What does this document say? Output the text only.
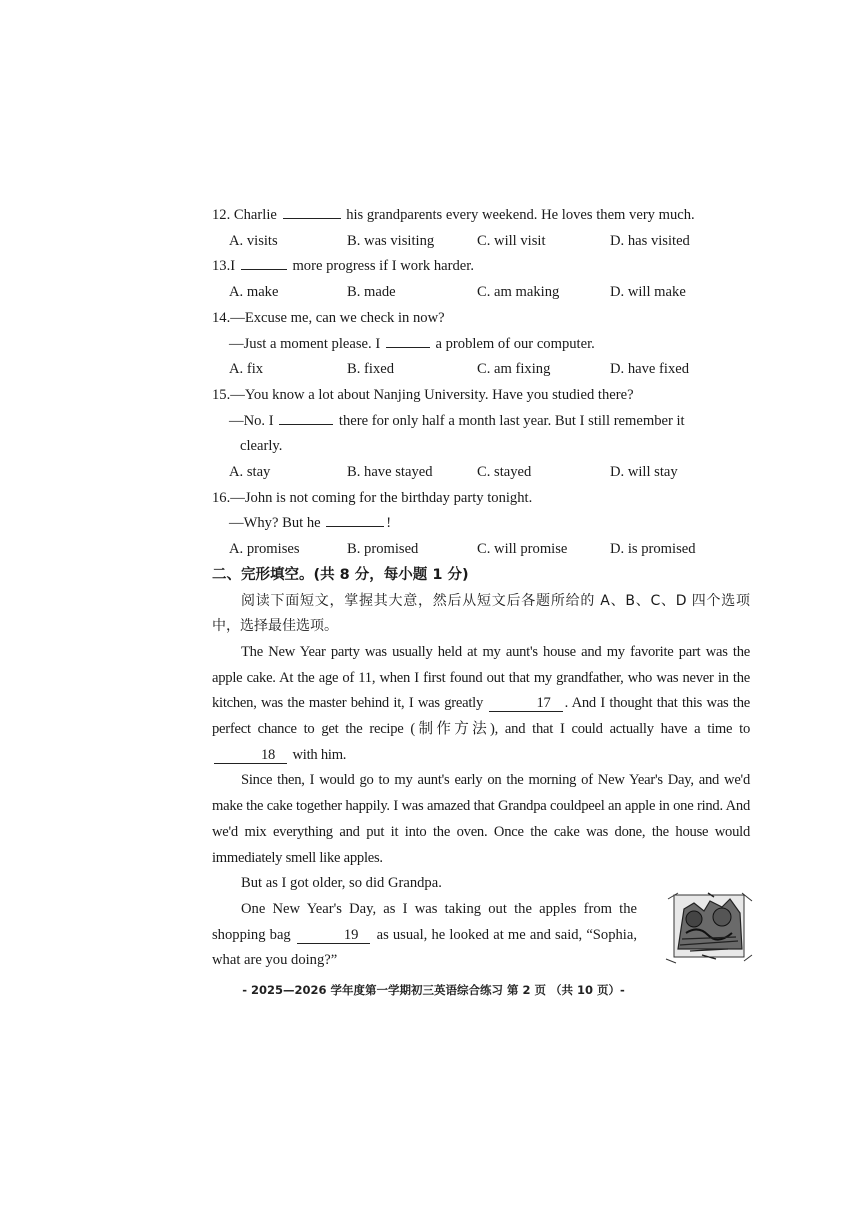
12. Charlie	his grandparents every weekend. He loves them very much.

A. visits	B. was visiting	C. will visit	D. has visited

13.I	more progress if I work harder.

A. make	B. made	C. am making	D. will make

14.—Excuse me, can we check in now?

—Just a moment please. I	a problem of our computer.

A. fix	B. fixed	C. am fixing	D. have fixed

15.—You know a lot about Nanjing University. Have you studied there?

—No. I	there for only half a month last year. But I still remember it

clearly.

A. stay	B. have stayed	C. stayed	D. will stay

16.—John is not coming for the birthday party tonight.

—Why? But he	!

A. promises	B. promised	C. will promise	D. is promised

二、完形填空。(共 8 分，每小题 1 分)

阅读下面短文，掌握其大意，然后从短文后各题所给的 A、B、C、D 四个选项中，选择最佳选项。

The New Year party was usually held at my aunt's house and my favorite part was the apple cake. At the age of 11, when I first found out that my grandfather, who was never in the kitchen, was the master behind it, I was greatly	17 . And I thought that this was the perfect chance to get the recipe (制作方法), and that I could actually have a time to 18 with him.

Since then, I would go to my aunt's early on the morning of New Year's Day, and we'd make the cake together happily. I was amazed that Grandpa couldpeel an apple in one rind. And we'd mix everything and put it into the oven. Once the cake was done, the house would immediately smell like apples.

But as I got older, so did Grandpa.

One New Year's Day, as I was taking out the apples from the shopping bag	19 as usual, he looked at me and said, “Sophia, what are you doing?”

- 2025—2026 学年度第一学期初三英语综合练习 第 2 页 （共 10 页）-
